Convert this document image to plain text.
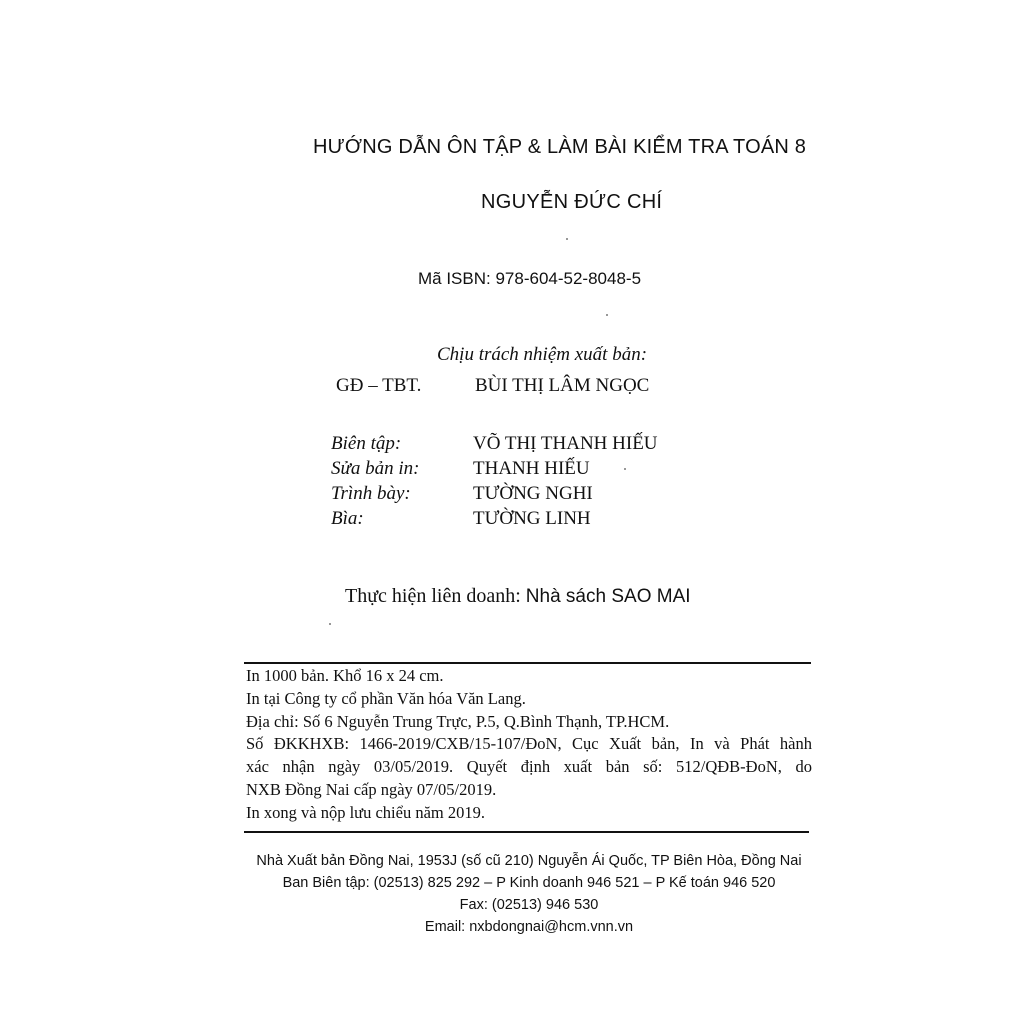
HƯỚNG DẪN ÔN TẬP & LÀM BÀI KIỂM TRA TOÁN 8
NGUYỄN ĐỨC CHÍ
Mã ISBN: 978-604-52-8048-5
Chịu trách nhiệm xuất bản:
GĐ – TBT.	BÙI THỊ LÂM NGỌC
Biên tập:	VÕ THỊ THANH HIẾU
Sửa bản in:	THANH HIẾU
Trình bày:	TƯỜNG NGHI
Bìa:	TƯỜNG LINH
Thực hiện liên doanh: Nhà sách SAO MAI
In 1000 bản. Khổ 16 x 24 cm.
In tại Công ty cổ phần Văn hóa Văn Lang.
Địa chỉ: Số 6 Nguyễn Trung Trực, P.5, Q.Bình Thạnh, TP.HCM.
Số ĐKKHXB: 1466-2019/CXB/15-107/ĐoN, Cục Xuất bản, In và Phát hành
xác nhận ngày 03/05/2019. Quyết định xuất bản số: 512/QĐB-ĐoN, do
NXB Đồng Nai cấp ngày 07/05/2019.
In xong và nộp lưu chiểu năm 2019.
Nhà Xuất bản Đồng Nai, 1953J (số cũ 210) Nguyễn Ái Quốc, TP Biên Hòa, Đồng Nai
Ban Biên tập: (02513) 825 292 – P Kinh doanh 946 521 – P Kế toán 946 520
Fax: (02513) 946 530
Email: nxbdongnai@hcm.vnn.vn
